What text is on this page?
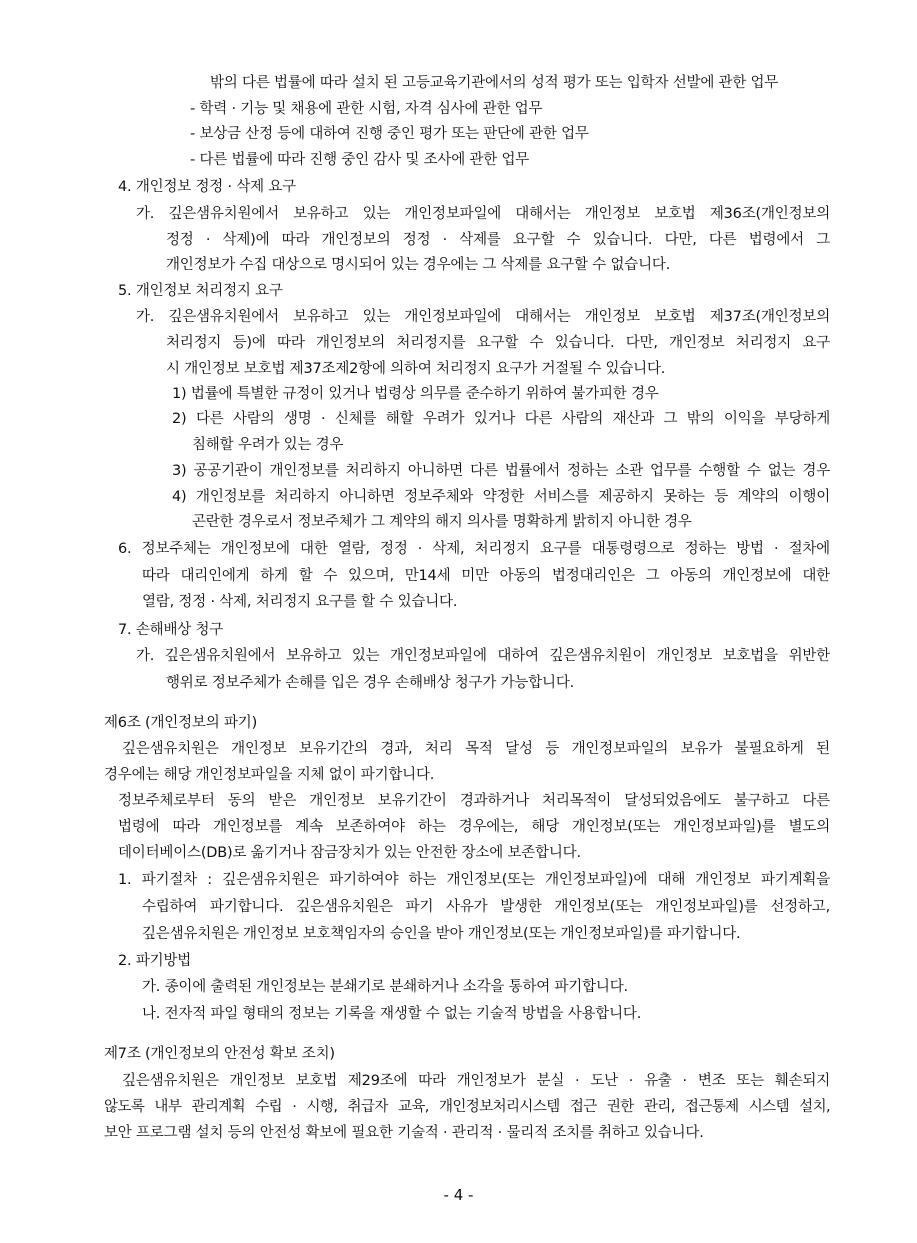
밖의 다른 법률에 따라 설치 된 고등교육기관에서의 성적 평가 또는 입학자 선발에 관한 업무
- 학력 · 기능 및 채용에 관한 시험, 자격 심사에 관한 업무
- 보상금 산정 등에 대하여 진행 중인 평가 또는 판단에 관한 업무
- 다른 법률에 따라 진행 중인 감사 및 조사에 관한 업무
4. 개인정보 정정 · 삭제 요구
가. 깊은샘유치원에서 보유하고 있는 개인정보파일에 대해서는 개인정보 보호법 제36조(개인정보의
정정 · 삭제)에 따라 개인정보의 정정 · 삭제를 요구할 수 있습니다. 다만, 다른 법령에서 그
개인정보가 수집 대상으로 명시되어 있는 경우에는 그 삭제를 요구할 수 없습니다.
5. 개인정보 처리정지 요구
가. 깊은샘유치원에서 보유하고 있는 개인정보파일에 대해서는 개인정보 보호법 제37조(개인정보의
처리정지 등)에 따라 개인정보의 처리정지를 요구할 수 있습니다. 다만, 개인정보 처리정지 요구
시 개인정보 보호법 제37조제2항에 의하여 처리정지 요구가 거절될 수 있습니다.
1) 법률에 특별한 규정이 있거나 법령상 의무를 준수하기 위하여 불가피한 경우
2) 다른 사람의 생명 · 신체를 해할 우려가 있거나 다른 사람의 재산과 그 밖의 이익을 부당하게
침해할 우려가 있는 경우
3) 공공기관이 개인정보를 처리하지 아니하면 다른 법률에서 정하는 소관 업무를 수행할 수 없는 경우
4) 개인정보를 처리하지 아니하면 정보주체와 약정한 서비스를 제공하지 못하는 등 계약의 이행이
곤란한 경우로서 정보주체가 그 계약의 해지 의사를 명확하게 밝히지 아니한 경우
6. 정보주체는 개인정보에 대한 열람, 정정 · 삭제, 처리정지 요구를 대통령령으로 정하는 방법 · 절차에
따라 대리인에게 하게 할 수 있으며, 만14세 미만 아동의 법정대리인은 그 아동의 개인정보에 대한
열람, 정정 · 삭제, 처리정지 요구를 할 수 있습니다.
7. 손해배상 청구
가. 깊은샘유치원에서 보유하고 있는 개인정보파일에 대하여 깊은샘유치원이 개인정보 보호법을 위반한
행위로 정보주체가 손해를 입은 경우 손해배상 청구가 가능합니다.
제6조 (개인정보의 파기)
깊은샘유치원은 개인정보 보유기간의 경과, 처리 목적 달성 등 개인정보파일의 보유가 불필요하게 된
경우에는 해당 개인정보파일을 지체 없이 파기합니다.
정보주체로부터 동의 받은 개인정보 보유기간이 경과하거나 처리목적이 달성되었음에도 불구하고 다른
법령에 따라 개인정보를 계속 보존하여야 하는 경우에는, 해당 개인정보(또는 개인정보파일)를 별도의
데이터베이스(DB)로 옮기거나 잠금장치가 있는 안전한 장소에 보존합니다.
1. 파기절차 : 깊은샘유치원은 파기하여야 하는 개인정보(또는 개인정보파일)에 대해 개인정보 파기계획을
수립하여 파기합니다. 깊은샘유치원은 파기 사유가 발생한 개인정보(또는 개인정보파일)를 선정하고,
깊은샘유치원은 개인정보 보호책임자의 승인을 받아 개인정보(또는 개인정보파일)를 파기합니다.
2. 파기방법
가. 종이에 출력된 개인정보는 분쇄기로 분쇄하거나 소각을 통하여 파기합니다.
나. 전자적 파일 형태의 정보는 기록을 재생할 수 없는 기술적 방법을 사용합니다.
제7조 (개인정보의 안전성 확보 조치)
깊은샘유치원은 개인정보 보호법 제29조에 따라 개인정보가 분실 · 도난 · 유출 · 변조 또는 훼손되지
않도록 내부 관리계획 수립 · 시행, 취급자 교육, 개인정보처리시스템 접근 권한 관리, 접근통제 시스템 설치,
보안 프로그램 설치 등의 안전성 확보에 필요한 기술적 · 관리적 · 물리적 조치를 취하고 있습니다.
- 4 -
